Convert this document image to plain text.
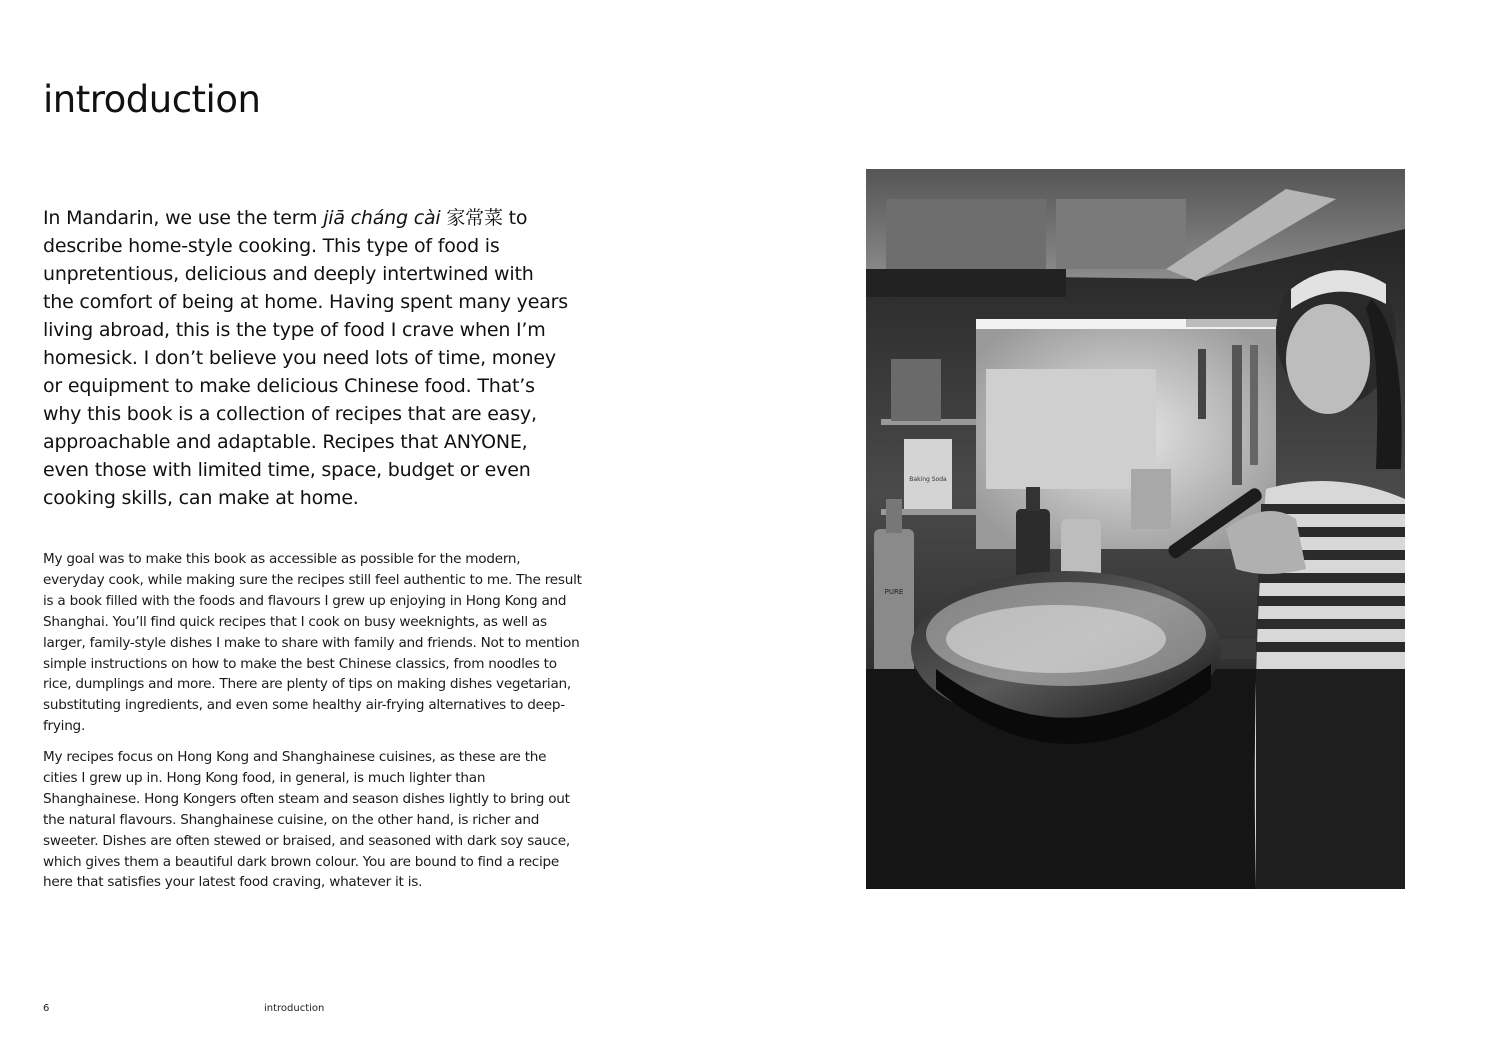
introduction

In Mandarin, we use the term jiā cháng cài 家常菜 to describe home-style cooking. This type of food is unpretentious, delicious and deeply intertwined with the comfort of being at home. Having spent many years living abroad, this is the type of food I crave when I’m homesick. I don’t believe you need lots of time, money or equipment to make delicious Chinese food. That’s why this book is a collection of recipes that are easy, approachable and adaptable. Recipes that ANYONE, even those with limited time, space, budget or even cooking skills, can make at home.

My goal was to make this book as accessible as possible for the modern, everyday cook, while making sure the recipes still feel authentic to me. The result is a book filled with the foods and flavours I grew up enjoying in Hong Kong and Shanghai. You’ll find quick recipes that I cook on busy weeknights, as well as larger, family-style dishes I make to share with family and friends. Not to mention simple instructions on how to make the best Chinese classics, from noodles to rice, dumplings and more. There are plenty of tips on making dishes vegetarian, substituting ingredients, and even some healthy air-frying alternatives to deep-frying.

My recipes focus on Hong Kong and Shanghainese cuisines, as these are the cities I grew up in. Hong Kong food, in general, is much lighter than Shanghainese. Hong Kongers often steam and season dishes lightly to bring out the natural flavours. Shanghainese cuisine, on the other hand, is richer and sweeter. Dishes are often stewed or braised, and seasoned with dark soy sauce, which gives them a beautiful dark brown colour. You are bound to find a recipe here that satisfies your latest food craving, whatever it is.

6	introduction
Baking Soda
PURE
